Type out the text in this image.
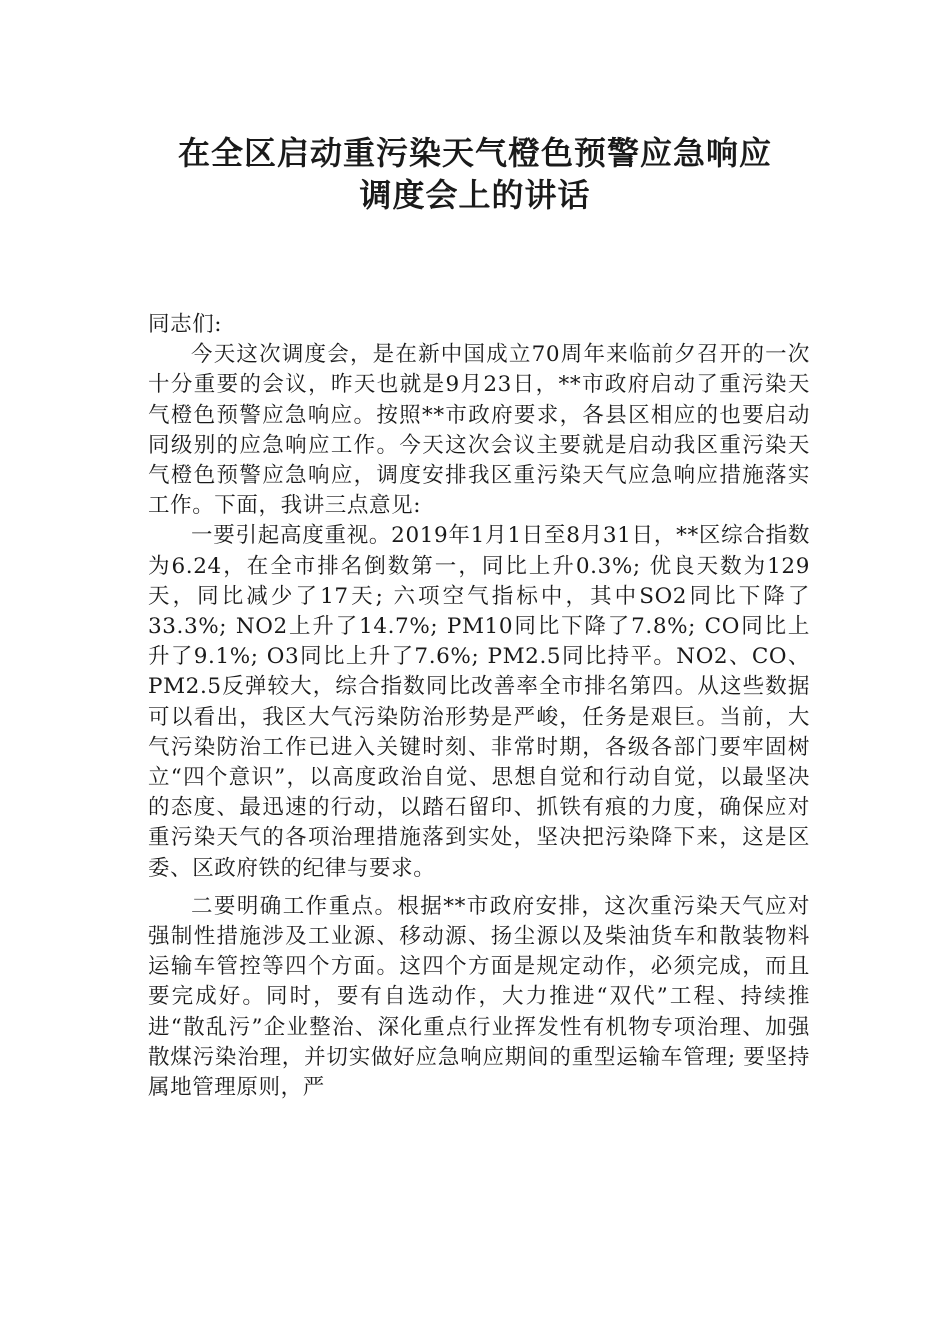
在全区启动重污染天气橙色预警应急响应
调度会上的讲话

同志们:

今天这次调度会，是在新中国成立70周年来临前夕召开的一次十分重要的会议，昨天也就是9月23日，**市政府启动了重污染天气橙色预警应急响应。按照**市政府要求，各县区相应的也要启动同级别的应急响应工作。今天这次会议主要就是启动我区重污染天气橙色预警应急响应，调度安排我区重污染天气应急响应措施落实工作。下面，我讲三点意见:

一要引起高度重视。2019年1月1日至8月31日，**区综合指数为6.24，在全市排名倒数第一，同比上升0.3%; 优良天数为129天，同比减少了17天; 六项空气指标中，其中SO2同比下降了33.3%; NO2上升了14.7%; PM10同比下降了7.8%; CO同比上升了9.1%; O3同比上升了7.6%; PM2.5同比持平。NO2、CO、PM2.5反弹较大，综合指数同比改善率全市排名第四。从这些数据可以看出，我区大气污染防治形势是严峻，任务是艰巨。当前，大气污染防治工作已进入关键时刻、非常时期，各级各部门要牢固树立“四个意识”，以高度政治自觉、思想自觉和行动自觉，以最坚决的态度、最迅速的行动，以踏石留印、抓铁有痕的力度，确保应对重污染天气的各项治理措施落到实处，坚决把污染降下来，这是区委、区政府铁的纪律与要求。

二要明确工作重点。根据**市政府安排，这次重污染天气应对强制性措施涉及工业源、移动源、扬尘源以及柴油货车和散装物料运输车管控等四个方面。这四个方面是规定动作，必须完成，而且要完成好。同时，要有自选动作，大力推进“双代”工程、持续推进“散乱污”企业整治、深化重点行业挥发性有机物专项治理、加强散煤污染治理，并切实做好应急响应期间的重型运输车管理; 要坚持属地管理原则，严
